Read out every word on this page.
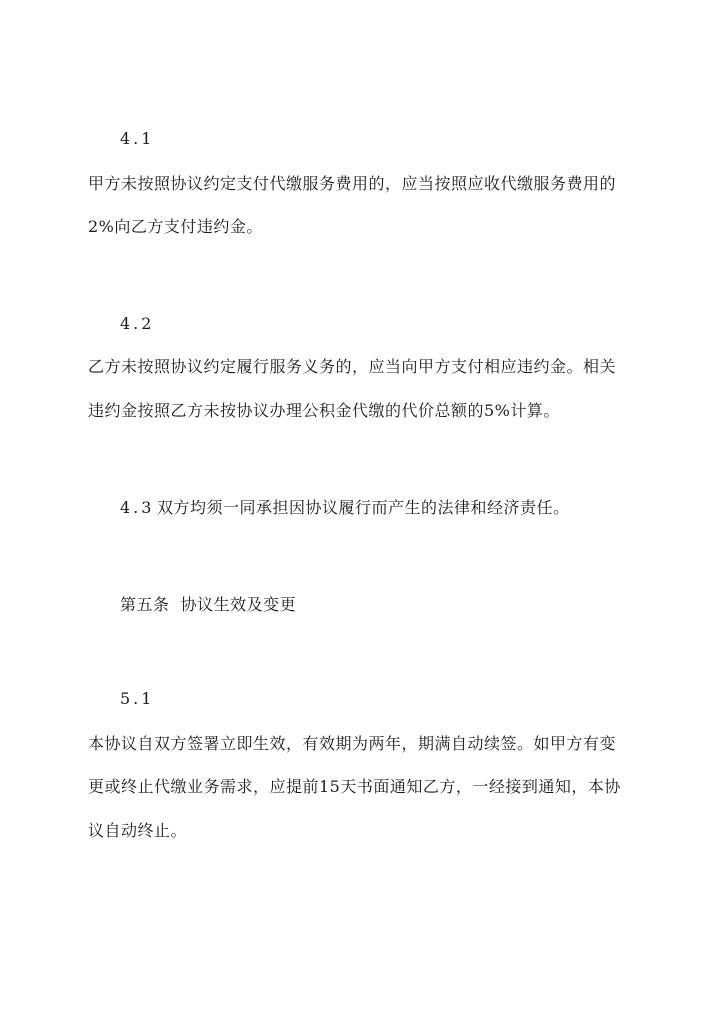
4.1
甲方未按照协议约定支付代缴服务费用的，应当按照应收代缴服务费用的
2%向乙方支付违约金。
4.2
乙方未按照协议约定履行服务义务的，应当向甲方支付相应违约金。相关
违约金按照乙方未按协议办理公积金代缴的代价总额的5%计算。
4.3 双方均须一同承担因协议履行而产生的法律和经济责任。
第五条  协议生效及变更
5.1
本协议自双方签署立即生效，有效期为两年，期满自动续签。如甲方有变
更或终止代缴业务需求，应提前15天书面通知乙方，一经接到通知，本协
议自动终止。
